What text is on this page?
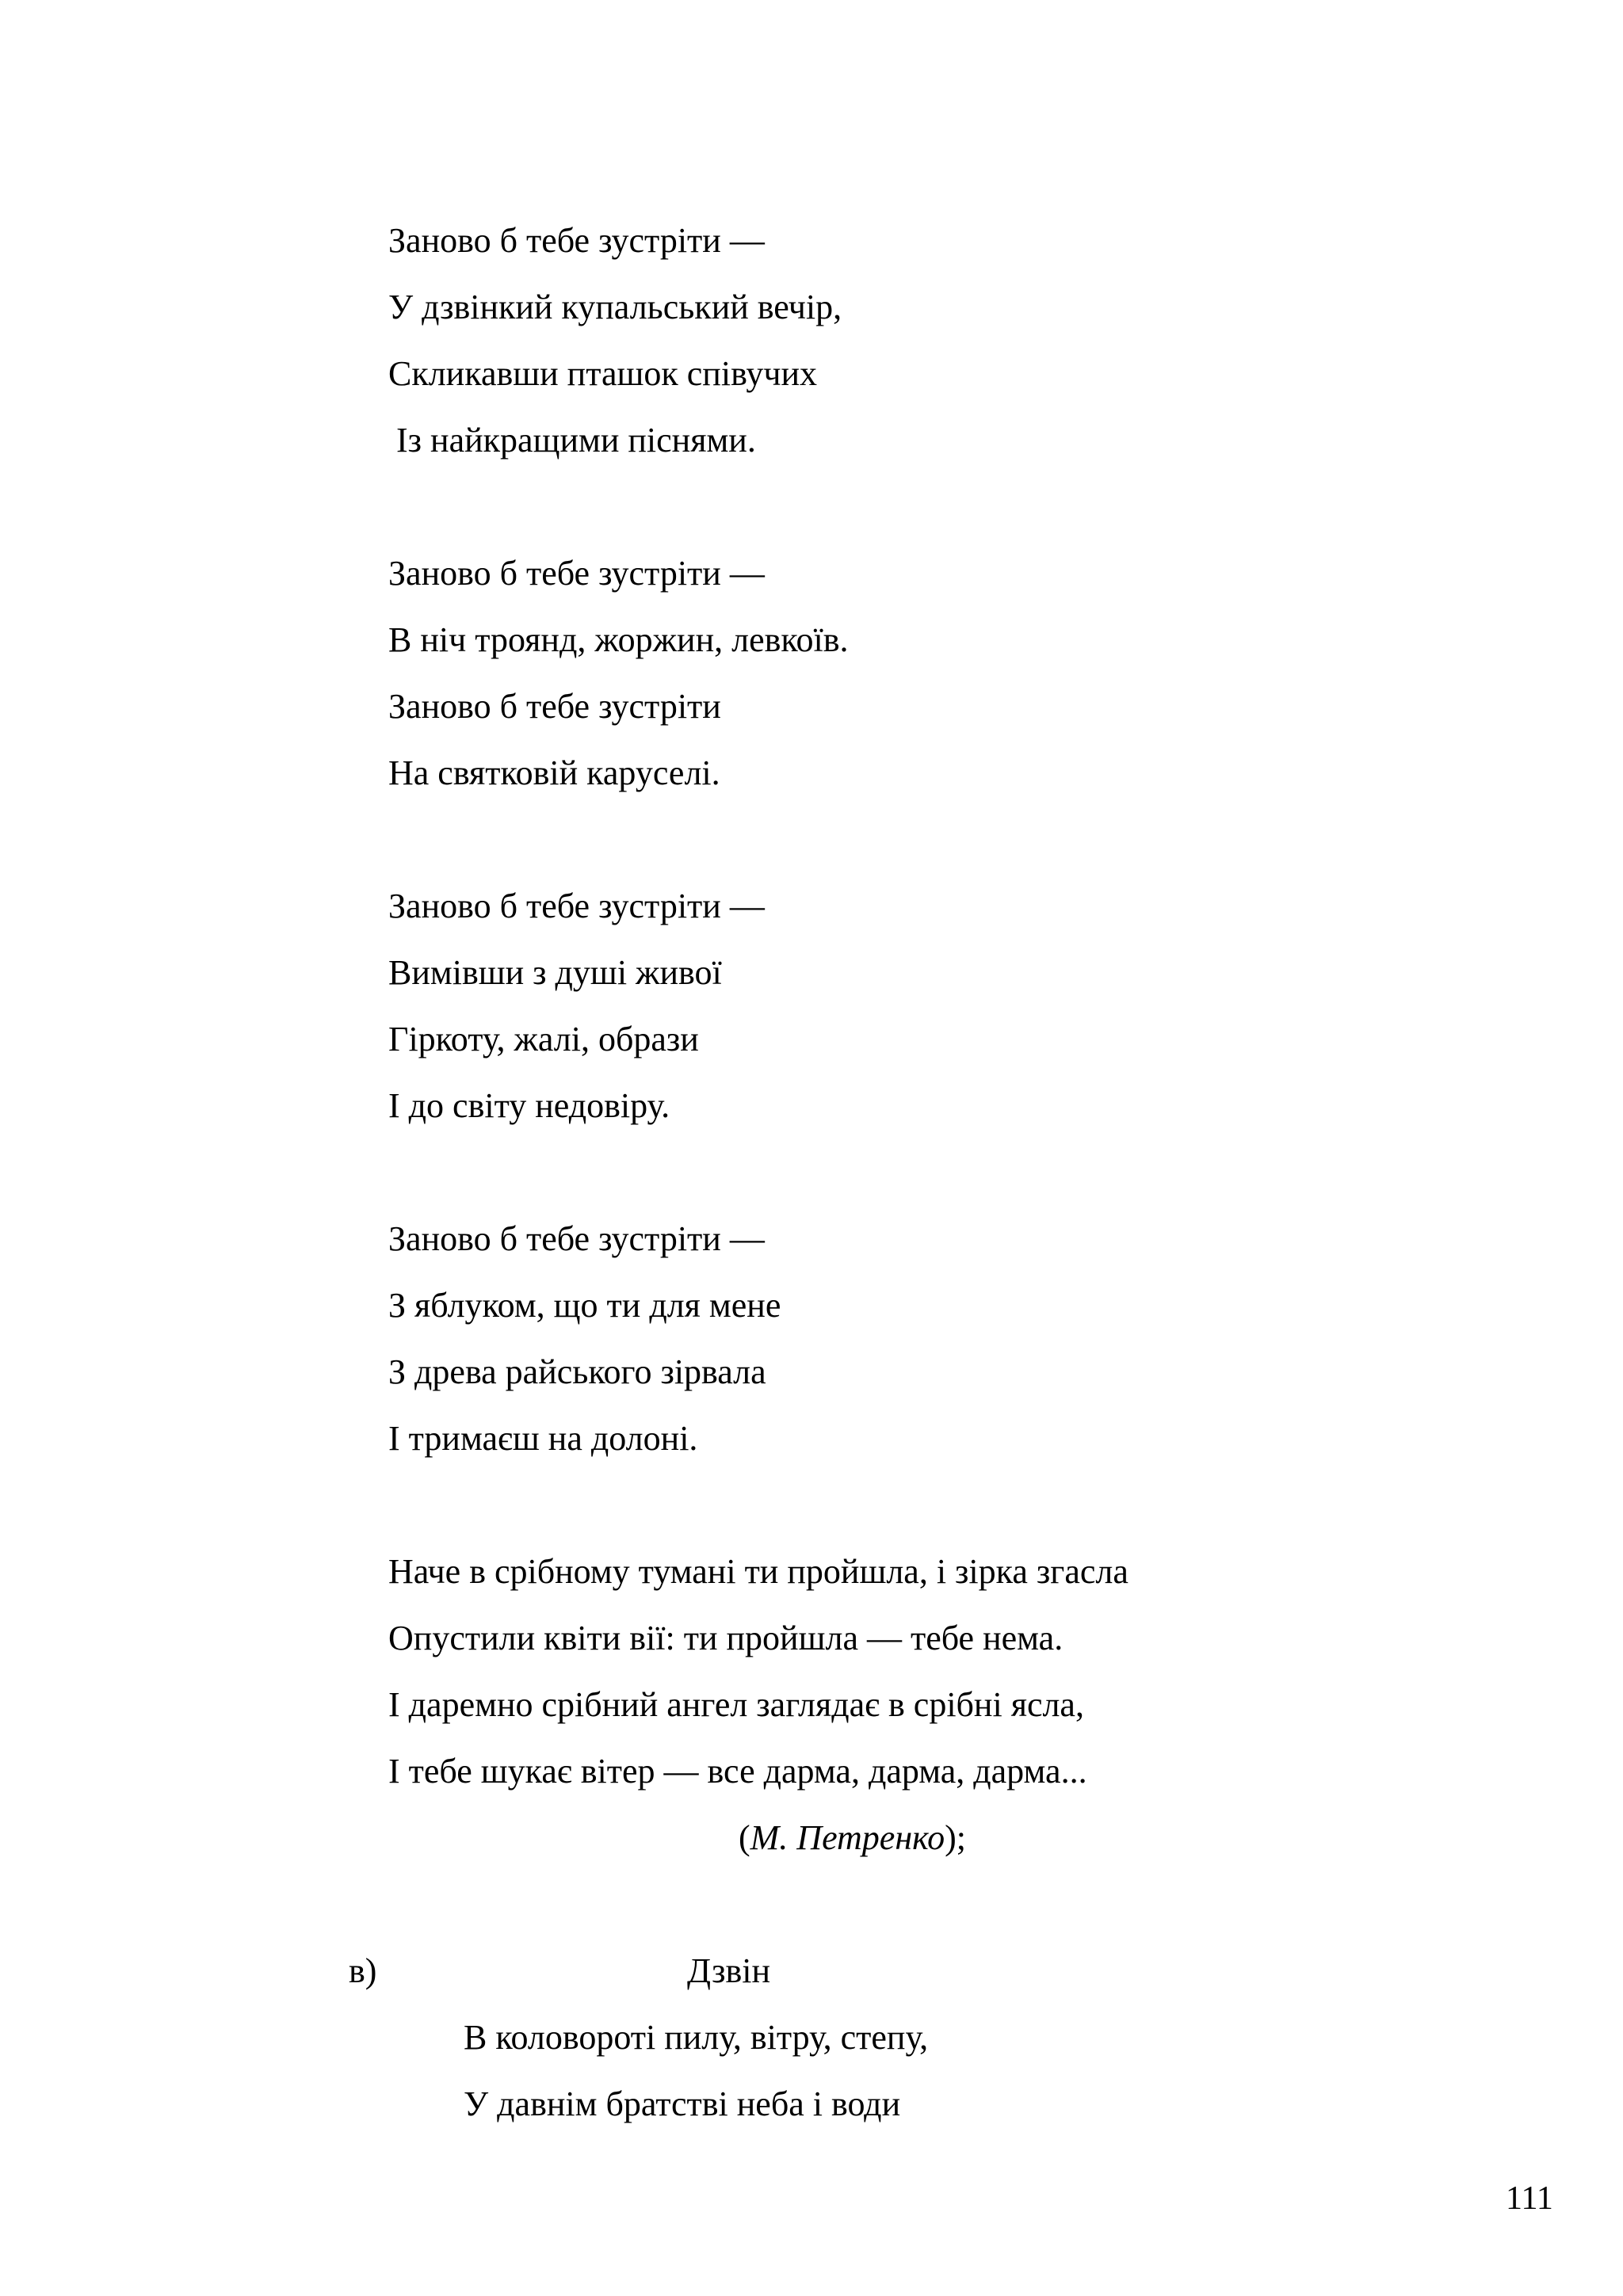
Заново б тебе зустріти —
У дзвінкий купальський вечір,
Скликавши пташок співучих
Із найкращими піснями.
Заново б тебе зустріти —
В ніч троянд, жоржин, левкоїв.
Заново б тебе зустріти
На святковій каруселі.
Заново б тебе зустріти —
Вимівши з душі живої
Гіркоту, жалі, образи
І до світу недовіру.
Заново б тебе зустріти —
З яблуком, що ти для мене
З древа райського зірвала
І тримаєш на долоні.
Наче в срібному тумані ти пройшла, і зірка згасла
Опустили квіти вії: ти пройшла — тебе нема.
І даремно срібний ангел заглядає в срібні ясла,
І тебе шукає вітер — все дарма, дарма, дарма...
(М. Петренко);
в)	Дзвін
В коловороті пилу, вітру, степу,
У давнім братстві неба і води
111
